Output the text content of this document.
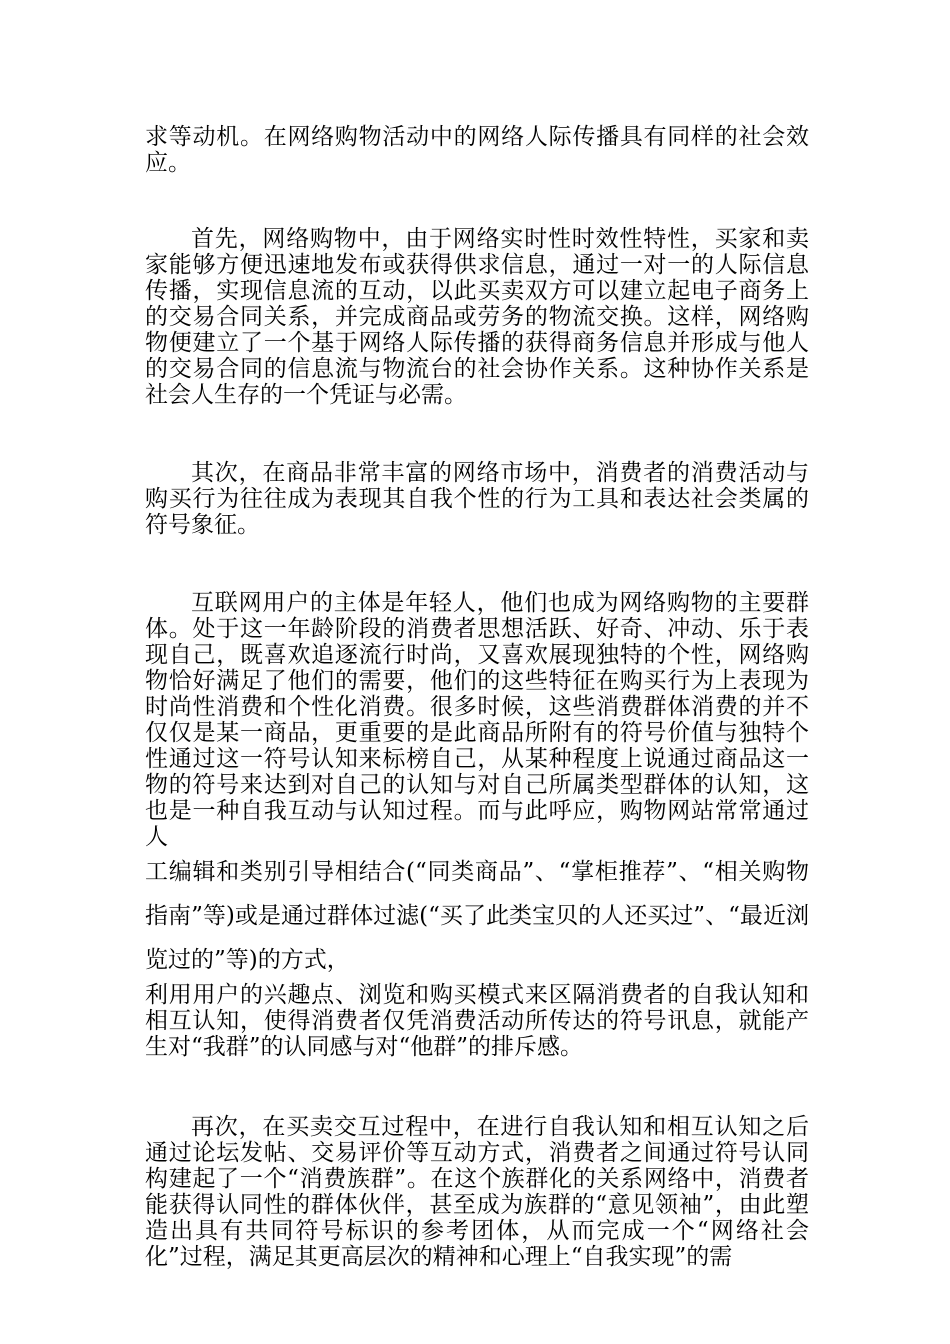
求等动机。在网络购物活动中的网络人际传播具有同样的社会效应。

首先，网络购物中，由于网络实时性时效性特性，买家和卖家能够方便迅速地发布或获得供求信息，通过一对一的人际信息传播，实现信息流的互动，以此买卖双方可以建立起电子商务上的交易合同关系，并完成商品或劳务的物流交换。这样，网络购物便建立了一个基于网络人际传播的获得商务信息并形成与他人的交易合同的信息流与物流台的社会协作关系。这种协作关系是社会人生存的一个凭证与必需。

其次，在商品非常丰富的网络市场中，消费者的消费活动与购买行为往往成为表现其自我个性的行为工具和表达社会类属的符号象征。

互联网用户的主体是年轻人，他们也成为网络购物的主要群体。处于这一年龄阶段的消费者思想活跃、好奇、冲动、乐于表现自己，既喜欢追逐流行时尚，又喜欢展现独特的个性，网络购物恰好满足了他们的需要，他们的这些特征在购买行为上表现为时尚性消费和个性化消费。很多时候，这些消费群体消费的并不仅仅是某一商品，更重要的是此商品所附有的符号价值与独特个性通过这一符号认知来标榜自己，从某种程度上说通过商品这一物的符号来达到对自己的认知与对自己所属类型群体的认知，这也是一种自我互动与认知过程。而与此呼应，购物网站常常通过人
工编辑和类别引导相结合(“同类商品”、“掌柜推荐”、“相关购物指南”等)或是通过群体过滤(“买了此类宝贝的人还买过”、“最近浏览过的”等)的方式，
利用用户的兴趣点、浏览和购买模式来区隔消费者的自我认知和相互认知，使得消费者仅凭消费活动所传达的符号讯息，就能产生对“我群”的认同感与对“他群”的排斥感。

再次，在买卖交互过程中，在进行自我认知和相互认知之后通过论坛发帖、交易评价等互动方式，消费者之间通过符号认同构建起了一个“消费族群”。在这个族群化的关系网络中，消费者能获得认同性的群体伙伴，甚至成为族群的“意见领袖”，由此塑造出具有共同符号标识的参考团体，从而完成一个“网络社会化”过程，满足其更高层次的精神和心理上“自我实现”的需
